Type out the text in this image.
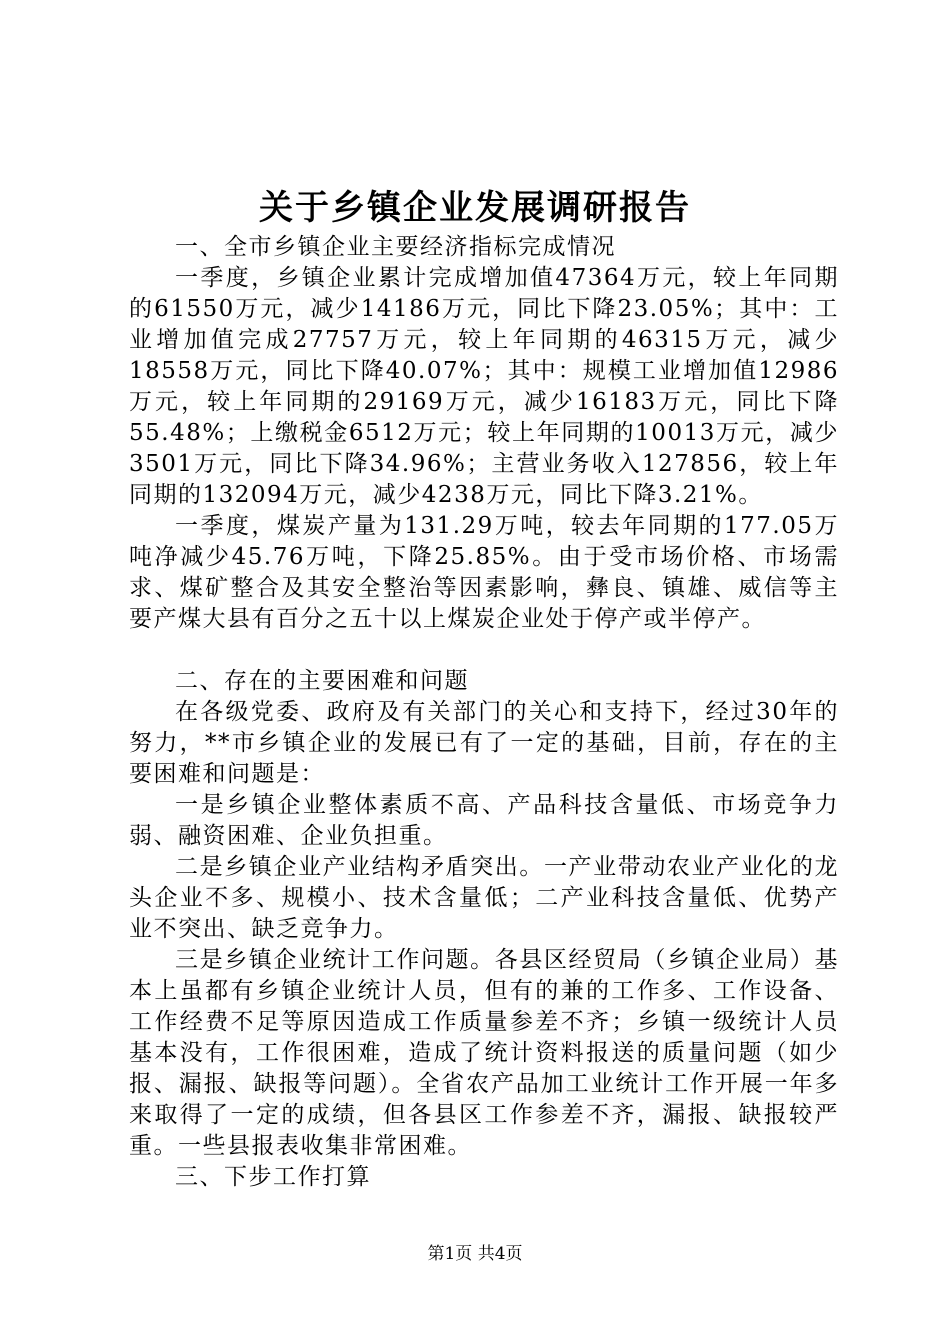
关于乡镇企业发展调研报告

一、全市乡镇企业主要经济指标完成情况

一季度，乡镇企业累计完成增加值47364万元，较上年同期的61550万元，减少14186万元，同比下降23.05%；其中：工业增加值完成27757万元，较上年同期的46315万元，减少18558万元，同比下降40.07%；其中：规模工业增加值12986万元，较上年同期的29169万元，减少16183万元，同比下降55.48%；上缴税金6512万元；较上年同期的10013万元，减少3501万元，同比下降34.96%；主营业务收入127856，较上年同期的132094万元，减少4238万元，同比下降3.21%。

一季度，煤炭产量为131.29万吨，较去年同期的177.05万吨净减少45.76万吨，下降25.85%。由于受市场价格、市场需求、煤矿整合及其安全整治等因素影响，彝良、镇雄、威信等主要产煤大县有百分之五十以上煤炭企业处于停产或半停产。

二、存在的主要困难和问题

在各级党委、政府及有关部门的关心和支持下，经过30年的努力，**市乡镇企业的发展已有了一定的基础，目前，存在的主要困难和问题是：

一是乡镇企业整体素质不高、产品科技含量低、市场竞争力弱、融资困难、企业负担重。

二是乡镇企业产业结构矛盾突出。一产业带动农业产业化的龙头企业不多、规模小、技术含量低；二产业科技含量低、优势产业不突出、缺乏竞争力。

三是乡镇企业统计工作问题。各县区经贸局（乡镇企业局）基本上虽都有乡镇企业统计人员，但有的兼的工作多、工作设备、工作经费不足等原因造成工作质量参差不齐；乡镇一级统计人员基本没有，工作很困难，造成了统计资料报送的质量问题（如少报、漏报、缺报等问题）。全省农产品加工业统计工作开展一年多来取得了一定的成绩，但各县区工作参差不齐，漏报、缺报较严重。一些县报表收集非常困难。

三、下步工作打算

第1页 共4页
